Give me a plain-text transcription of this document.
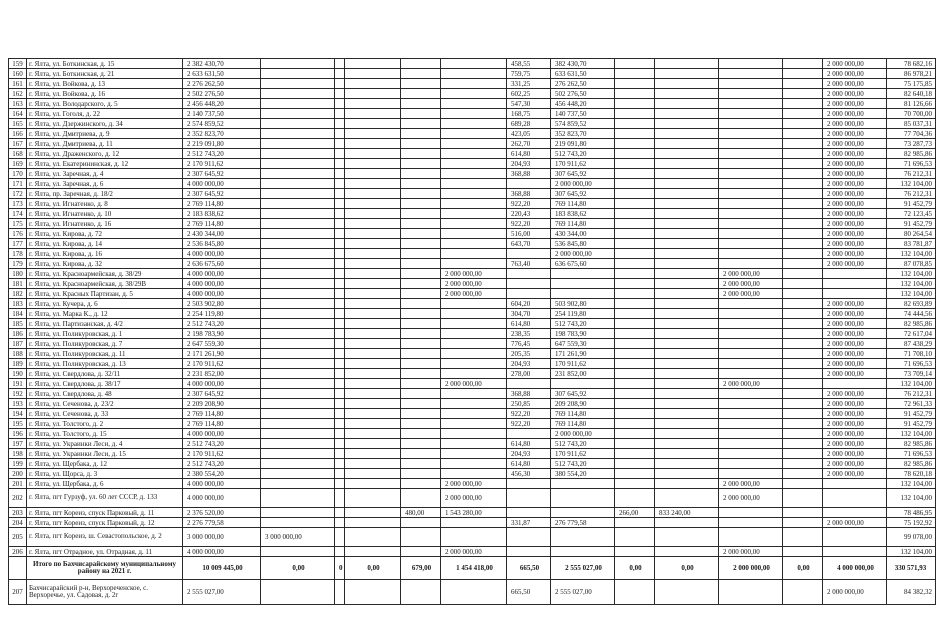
159	г. Ялта, ул. Боткинская, д. 15	2 382 430,70						458,55	382 430,70					2 000 000,00	78 682,16
160	г. Ялта, ул. Боткинская, д. 21	2 633 631,50						759,75	633 631,50					2 000 000,00	86 978,21
161	г. Ялта, ул. Войкова, д. 13	2 276 262,50						331,25	276 262,50					2 000 000,00	75 175,85
162	г. Ялта, ул. Войкова, д. 16	2 502 276,50						602,25	502 276,50					2 000 000,00	82 640,18
163	г. Ялта, ул. Володарского, д. 5	2 456 448,20						547,30	456 448,20					2 000 000,00	81 126,66
164	г. Ялта, ул. Гоголя, д. 22	2 140 737,50						168,75	140 737,50					2 000 000,00	70 700,00
165	г. Ялта, ул. Дзержинского, д. 34	2 574 859,52						689,28	574 859,52					2 000 000,00	85 037,31
166	г. Ялта, ул. Дмитриева, д. 9	2 352 823,70						423,05	352 823,70					2 000 000,00	77 704,36
167	г. Ялта, ул. Дмитриева, д. 11	2 219 091,80						262,70	219 091,80					2 000 000,00	73 287,73
168	г. Ялта, ул. Драженского, д. 12	2 512 743,20						614,80	512 743,20					2 000 000,00	82 985,86
169	г. Ялта, ул. Екатерининская, д. 12	2 170 911,62						204,93	170 911,62					2 000 000,00	71 696,53
170	г. Ялта, ул. Заречная, д. 4	2 307 645,92						368,88	307 645,92					2 000 000,00	76 212,31
171	г. Ялта, ул. Заречная, д. 6	4 000 000,00							2 000 000,00					2 000 000,00	132 104,00
172	г. Ялта, пр. Заречная, д. 18/2	2 307 645,92						368,88	307 645,92					2 000 000,00	76 212,31
173	г. Ялта, ул. Игнатенко, д. 8	2 769 114,80						922,20	769 114,80					2 000 000,00	91 452,79
174	г. Ялта, ул. Игнатенко, д. 10	2 183 838,62						220,43	183 838,62					2 000 000,00	72 123,45
175	г. Ялта, ул. Игнатенко, д. 16	2 769 114,80						922,20	769 114,80					2 000 000,00	91 452,79
176	г. Ялта, ул. Кирова, д. 72	2 430 344,00						516,00	430 344,00					2 000 000,00	80 264,54
177	г. Ялта, ул. Кирова, д. 14	2 536 845,80						643,70	536 845,80					2 000 000,00	83 781,87
178	г. Ялта, ул. Кирова, д. 16	4 000 000,00							2 000 000,00					2 000 000,00	132 104,00
179	г. Ялта, ул. Кирова, д. 32	2 636 675,60						763,40	636 675,60					2 000 000,00	87 078,85
180	г. Ялта, ул. Красноармейская, д. 38/29	4 000 000,00					2 000 000,00					2 000 000,00			132 104,00
181	г. Ялта, ул. Красноармейская, д. 38/29В	4 000 000,00					2 000 000,00					2 000 000,00			132 104,00
182	г. Ялта, ул. Красных Партизан, д. 5	4 000 000,00					2 000 000,00					2 000 000,00			132 104,00
183	г. Ялта, ул. Кучера, д. 6	2 503 902,80						604,20	503 902,80					2 000 000,00	82 693,89
184	г. Ялта, ул. Марка К., д. 12	2 254 119,80						304,70	254 119,80					2 000 000,00	74 444,56
185	г. Ялта, ул. Партизанская, д. 4/2	2 512 743,20						614,80	512 743,20					2 000 000,00	82 985,86
186	г. Ялта, ул. Поликуровская, д. 1	2 198 783,90						238,35	198 783,90					2 000 000,00	72 617,04
187	г. Ялта, ул. Поликуровская, д. 7	2 647 559,30						776,45	647 559,30					2 000 000,00	87 438,29
188	г. Ялта, ул. Поликуровская, д. 11	2 171 261,90						205,35	171 261,90					2 000 000,00	71 708,10
189	г. Ялта, ул. Поликуровская, д. 13	2 170 911,62						204,93	170 911,62					2 000 000,00	71 696,53
190	г. Ялта, ул. Свердлова, д. 32/11	2 231 852,00						278,00	231 852,00					2 000 000,00	73 709,14
191	г. Ялта, ул. Свердлова, д. 38/17	4 000 000,00					2 000 000,00					2 000 000,00			132 104,00
192	г. Ялта, ул. Свердлова, д. 48	2 307 645,92						368,88	307 645,92					2 000 000,00	76 212,31
193	г. Ялта, ул. Сеченова, д. 23/2	2 209 208,90						250,85	209 208,90					2 000 000,00	72 961,33
194	г. Ялта, ул. Сеченова, д. 33	2 769 114,80						922,20	769 114,80					2 000 000,00	91 452,79
195	г. Ялта, ул. Толстого, д. 2	2 769 114,80						922,20	769 114,80					2 000 000,00	91 452,79
196	г. Ялта, ул. Толстого, д. 15	4 000 000,00							2 000 000,00					2 000 000,00	132 104,00
197	г. Ялта, ул. Украинки Леси, д. 4	2 512 743,20						614,80	512 743,20					2 000 000,00	82 985,86
198	г. Ялта, ул. Украинки Леси, д. 15	2 170 911,62						204,93	170 911,62					2 000 000,00	71 696,53
199	г. Ялта, ул. Щербака, д. 12	2 512 743,20						614,80	512 743,20					2 000 000,00	82 985,86
200	г. Ялта, ул. Щорса, д. 3	2 380 554,20						456,30	380 554,20					2 000 000,00	78 620,18
201	г. Ялта, ул. Щербака, д. 6	4 000 000,00					2 000 000,00					2 000 000,00			132 104,00
202	г. Ялта, пгт Гурзуф, ул. 60 лет СССР, д. 133	4 000 000,00					2 000 000,00					2 000 000,00			132 104,00
203	г. Ялта, пгт Кореиз, спуск Парковый, д. 11	2 376 520,00				480,00	1 543 280,00			266,00	833 240,00				78 486,95
204	г. Ялта, пгт Кореиз, спуск Парковый, д. 12	2 276 779,58						331,87	276 779,58					2 000 000,00	75 192,92
205	г. Ялта, пгт Кореиз, ш. Севастопольское, д. 2	3 000 000,00	3 000 000,00												99 078,00
206	г. Ялта, пгт Отрадное, ул. Отрадная, д. 11	4 000 000,00					2 000 000,00					2 000 000,00			132 104,00
	Итого по Бахчисарайскому муниципальному району на 2021 г.	10 009 445,00	0,00	0	0,00	679,00	1 454 418,00	665,50	2 555 027,00	0,00	0,00	2 000 000,00	0,00	4 000 000,00	330 571,93
207	Бахчисарайский р-н, Верхореченское, с. Верхоречье, ул. Садовая, д. 2г	2 555 027,00						665,50	2 555 027,00					2 000 000,00	84 382,32
